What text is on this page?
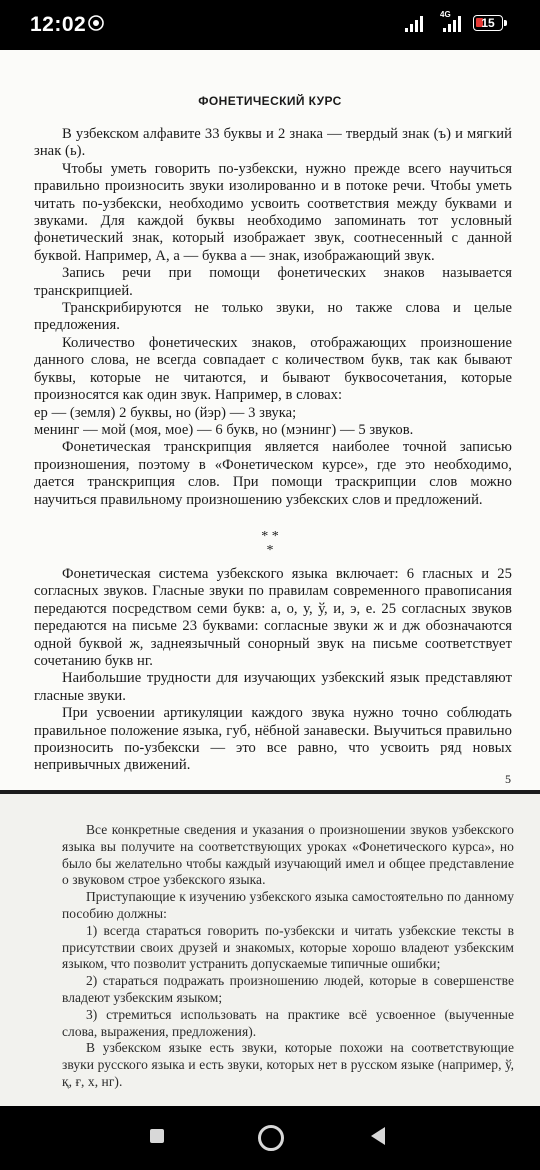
12:02	4G
15
ФОНЕТИЧЕСКИЙ КУРС

В узбекском алфавите 33 буквы и 2 знака — твердый знак (ъ) и мягкий знак (ь).

Чтобы уметь говорить по-узбекски, нужно прежде всего научиться правильно произносить звуки изолированно и в потоке речи. Чтобы уметь читать по-узбекски, необходимо усвоить соответствия между буквами и звуками. Для каждой буквы необходимо запоминать тот условный фонетический знак, который изображает звук, соотнесенный с данной буквой. Например, А, а — буква а — знак, изображающий звук.

Запись речи при помощи фонетических знаков называется транскрипцией.

Транскрибируются не только звуки, но также слова и целые предложения.

Количество фонетических знаков, отображающих произношение данного слова, не всегда совпадает с количеством букв, так как бывают буквы, которые не читаются, и бывают буквосочетания, которые произносятся как один звук. Например, в словах:

ер — (земля) 2 буквы, но (йэр) — 3 звука;

менинг — мой (моя, мое) — 6 букв, но (мэнинг) — 5 звуков.

Фонетическая транскрипция является наиболее точной записью произношения, поэтому в «Фонетическом курсе», где это необходимо, дается транскрипция слов. При помощи траскрипции слов можно научиться правильному произношению узбекских слов и предложений.

* *
*

Фонетическая система узбекского языка включает: 6 гласных и 25 согласных звуков. Гласные звуки по правилам современного правописания передаются посредством семи букв: а, о, у, ў, и, э, е. 25 согласных звуков передаются на письме 23 буквами: согласные звуки ж и дж обозначаются одной буквой ж, заднеязычный сонорный звук на письме соответствует сочетанию букв нг.

Наибольшие трудности для изучающих узбекский язык представляют гласные звуки.

При усвоении артикуляции каждого звука нужно точно соблюдать правильное положение языка, губ, нёбной занавески. Выучиться правильно произносить по-узбекски — это все равно, что усвоить ряд новых непривычных движений.

5

Все конкретные сведения и указания о произношении звуков узбекского языка вы получите на соответствующих уроках «Фонетического курса», но было бы желательно чтобы каждый изучающий имел и общее представление о звуковом строе узбекского языка.

Приступающие к изучению узбекского языка самостоятельно по данному пособию должны:

1) всегда стараться говорить по-узбекски и читать узбекские тексты в присутствии своих друзей и знакомых, которые хорошо владеют узбекским языком, что позволит устранить допускаемые типичные ошибки;

2) стараться подражать произношению людей, которые в совершенстве владеют узбекским языком;

3) стремиться использовать на практике всё усвоенное (выученные слова, выражения, предложения).

В узбекском языке есть звуки, которые похожи на соответствующие звуки русского языка и есть звуки, которых нет в русском языке (например, ў, қ, ғ, х, нг).
